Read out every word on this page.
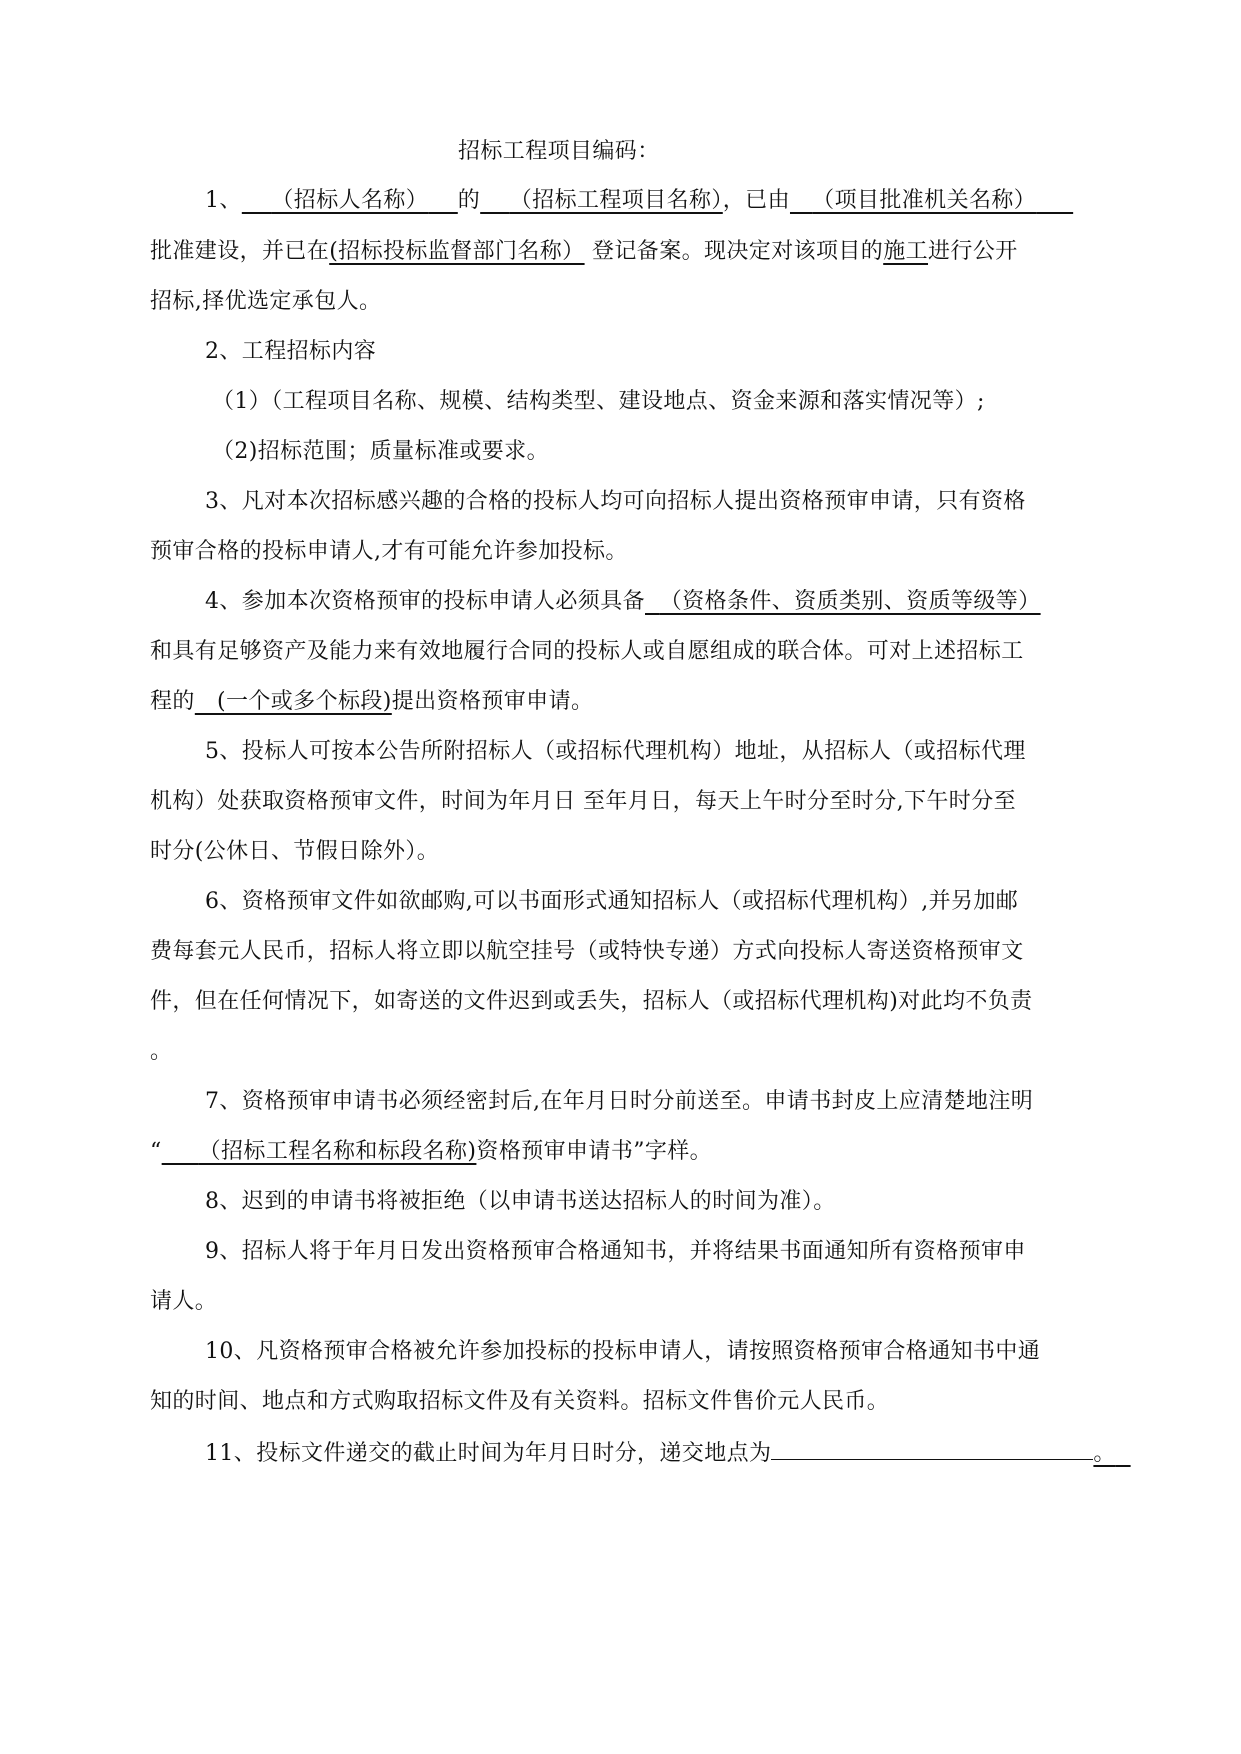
招标工程项目编码：
1、 （招标人名称） 的 （招标工程项目名称），已由 （项目批准机关名称）
批准建设，并已在(招标投标监督部门名称） 登记备案。现决定对该项目的施工进行公开
招标,择优选定承包人。
2、工程招标内容
（1）（工程项目名称、规模、结构类型、建设地点、资金来源和落实情况等）;
（2)招标范围；质量标准或要求。
3、凡对本次招标感兴趣的合格的投标人均可向招标人提出资格预审申请，只有资格
预审合格的投标申请人,才有可能允许参加投标。
4、参加本次资格预审的投标申请人必须具备 （资格条件、资质类别、资质等级等）
和具有足够资产及能力来有效地履行合同的投标人或自愿组成的联合体。可对上述招标工
程的 (一个或多个标段)提出资格预审申请。
5、投标人可按本公告所附招标人（或招标代理机构）地址，从招标人（或招标代理
机构）处获取资格预审文件，时间为年月日 至年月日，每天上午时分至时分,下午时分至
时分(公休日、节假日除外）。
6、资格预审文件如欲邮购,可以书面形式通知招标人（或招标代理机构）,并另加邮
费每套元人民币，招标人将立即以航空挂号（或特快专递）方式向投标人寄送资格预审文
件，但在任何情况下，如寄送的文件迟到或丢失，招标人（或招标代理机构)对此均不负责
。
7、资格预审申请书必须经密封后,在年月日时分前送至。申请书封皮上应清楚地注明
“ （招标工程名称和标段名称)资格预审申请书”字样。
8、迟到的申请书将被拒绝（以申请书送达招标人的时间为准）。
9、招标人将于年月日发出资格预审合格通知书，并将结果书面通知所有资格预审申
请人。
10、凡资格预审合格被允许参加投标的投标申请人，请按照资格预审合格通知书中通
知的时间、地点和方式购取招标文件及有关资料。招标文件售价元人民币。
11、投标文件递交的截止时间为年月日时分，递交地点为	。
